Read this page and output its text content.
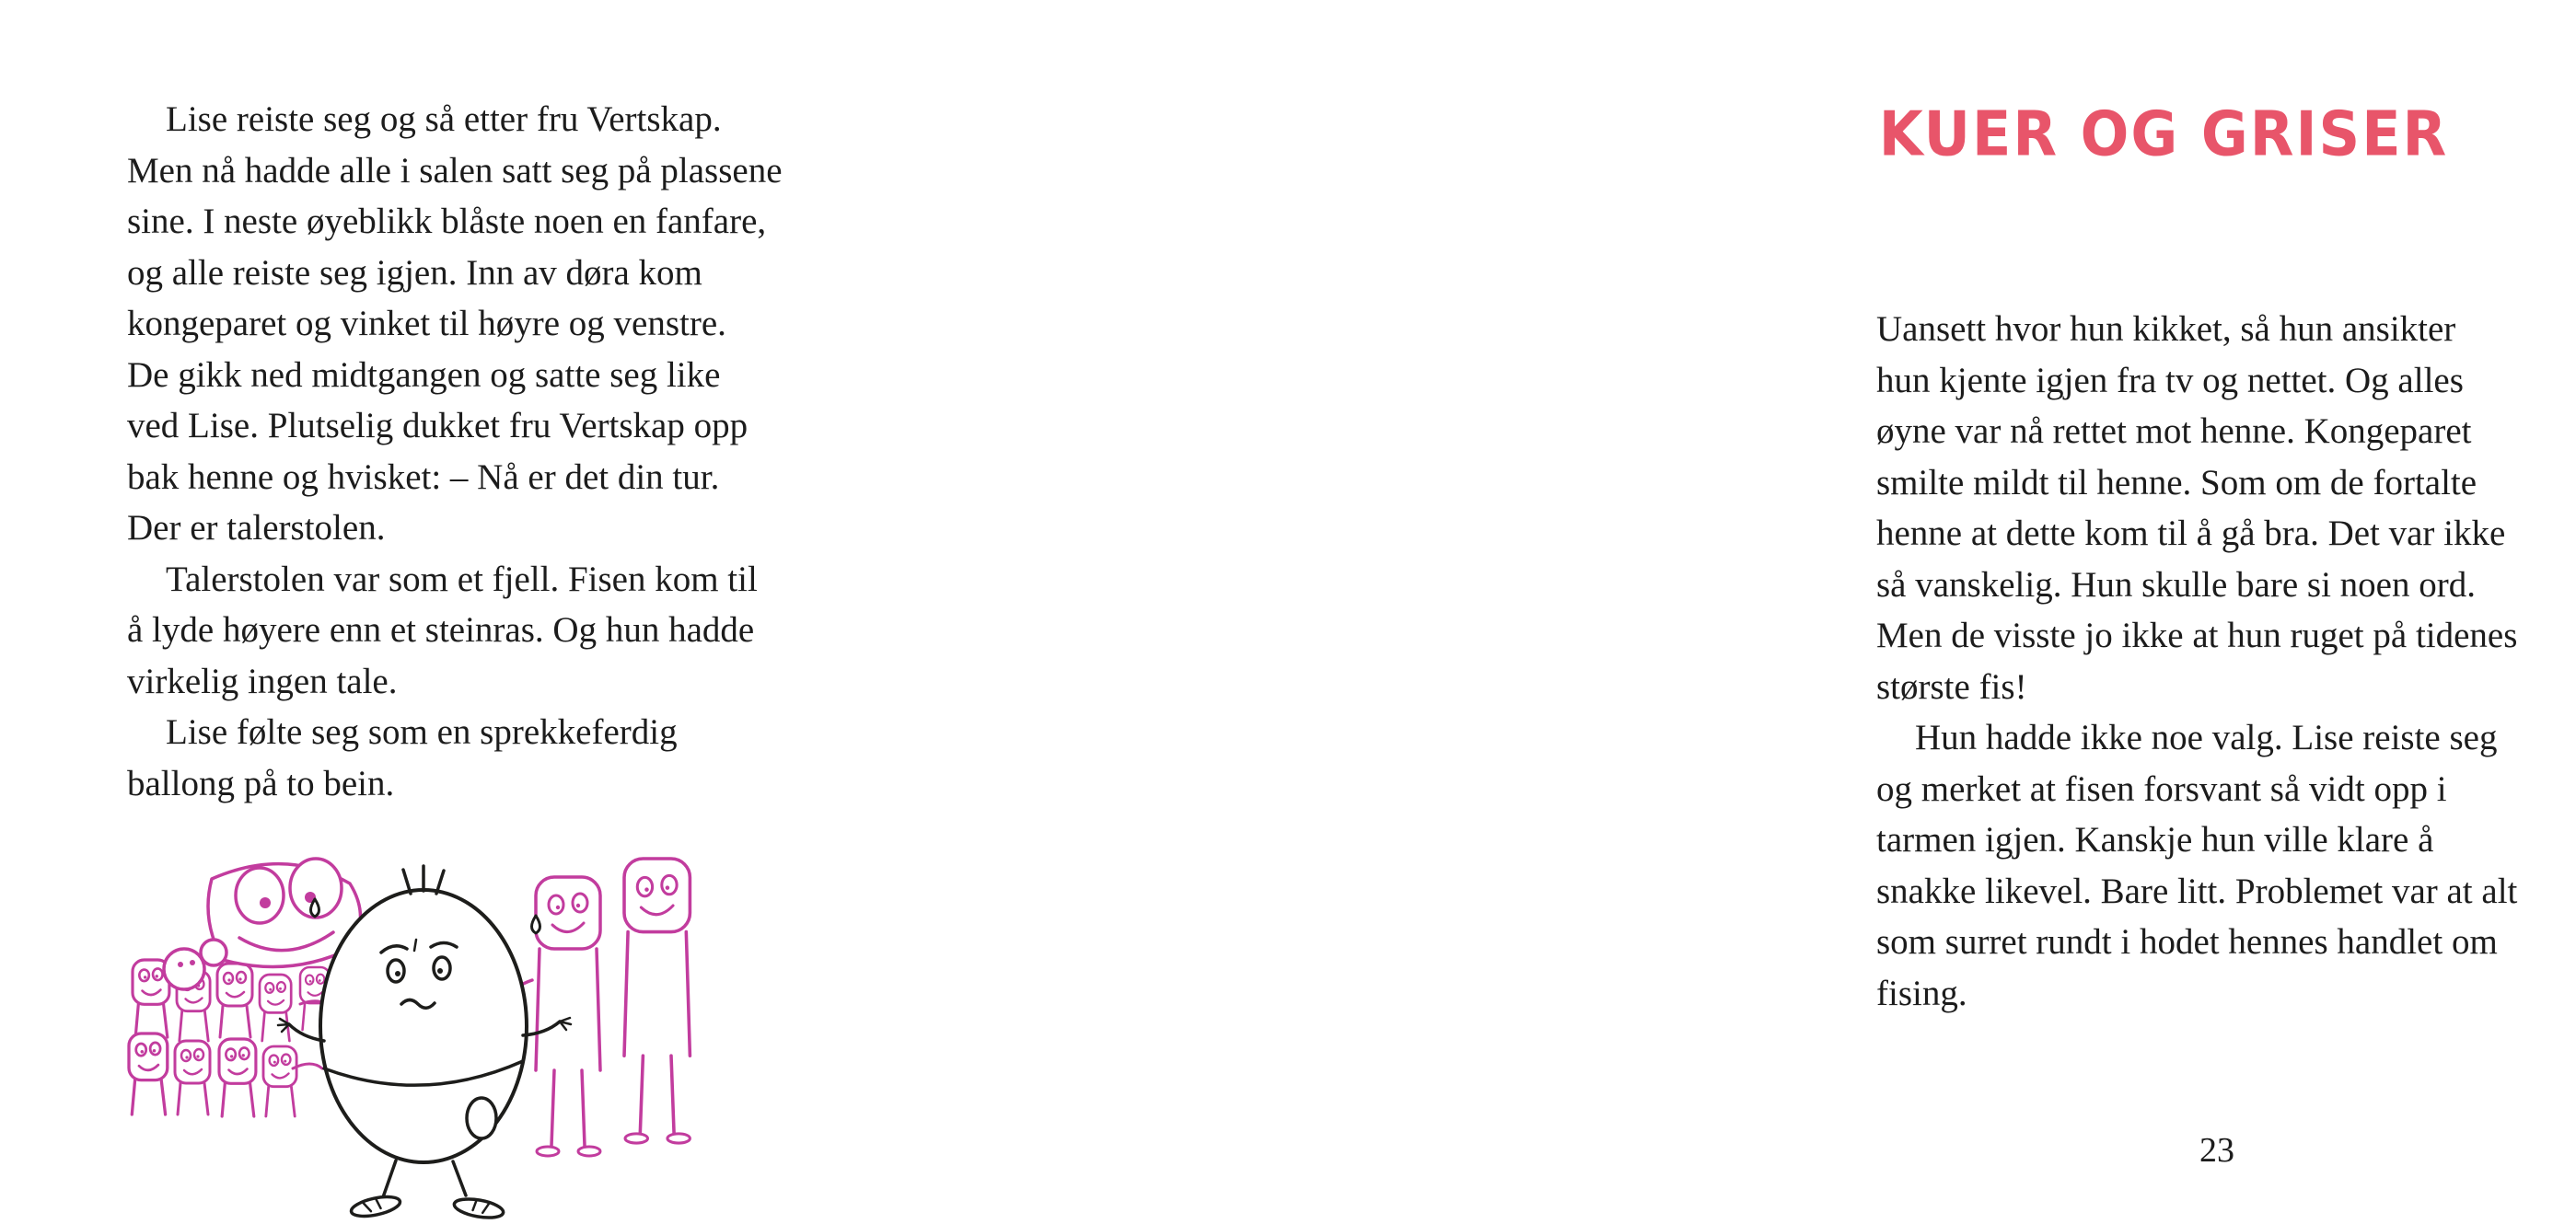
Lise reiste seg og så etter fru Vertskap.
Men nå hadde alle i salen satt seg på plassene
sine. I neste øyeblikk blåste noen en fanfare,
og alle reiste seg igjen. Inn av døra kom
kongeparet og vinket til høyre og venstre.
De gikk ned midtgangen og satte seg like
ved Lise. Plutselig dukket fru Vertskap opp
bak henne og hvisket: – Nå er det din tur.
Der er talerstolen.
Talerstolen var som et fjell. Fisen kom til
å lyde høyere enn et steinras. Og hun hadde
virkelig ingen tale.
Lise følte seg som en sprekkeferdig
ballong på to bein.
KUER OG GRISER
Uansett hvor hun kikket, så hun ansikter
hun kjente igjen fra tv og nettet. Og alles
øyne var nå rettet mot henne. Kongeparet
smilte mildt til henne. Som om de fortalte
henne at dette kom til å gå bra. Det var ikke
så vanskelig. Hun skulle bare si noen ord.
Men de visste jo ikke at hun ruget på tidenes
største fis!
Hun hadde ikke noe valg. Lise reiste seg
og merket at fisen forsvant så vidt opp i
tarmen igjen. Kanskje hun ville klare å
snakke likevel. Bare litt. Problemet var at alt
som surret rundt i hodet hennes handlet om
fising.
23
